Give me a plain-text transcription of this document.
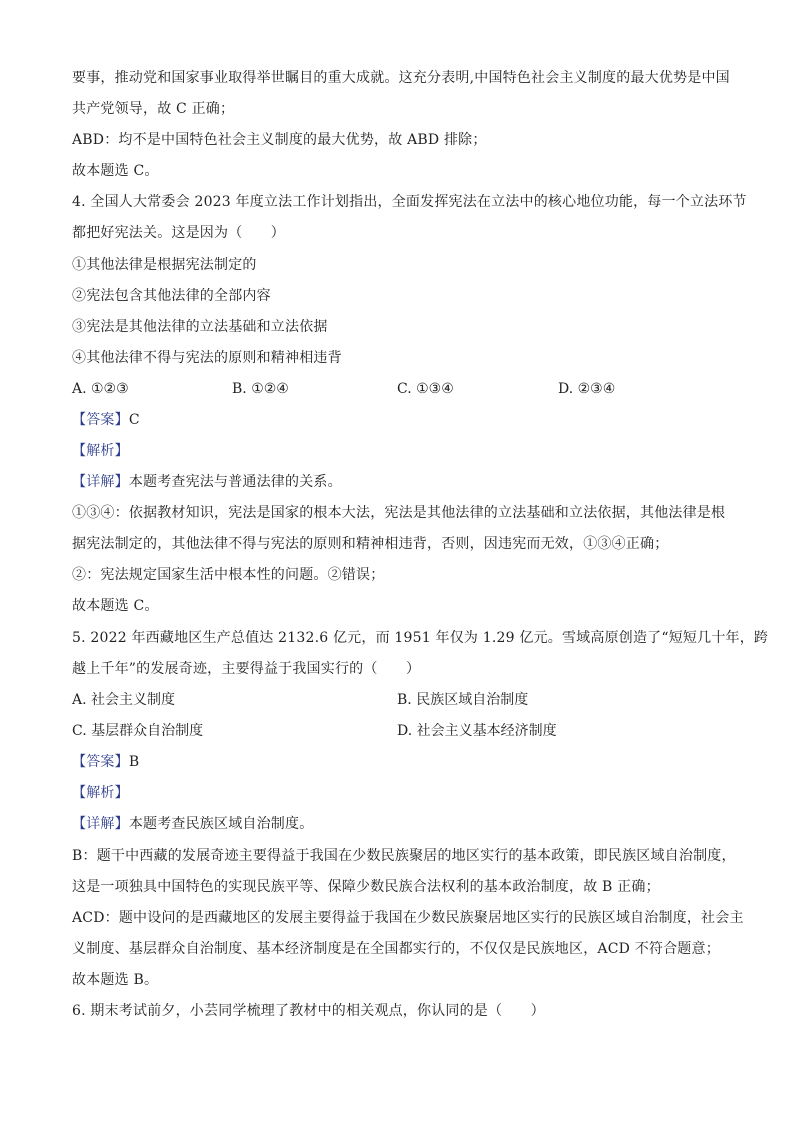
要事，推动党和国家事业取得举世瞩目的重大成就。这充分表明,中国特色社会主义制度的最大优势是中国
共产党领导，故 C 正确；
ABD：均不是中国特色社会主义制度的最大优势，故 ABD 排除；
故本题选 C。
4. 全国人大常委会 2023 年度立法工作计划指出，全面发挥宪法在立法中的核心地位功能，每一个立法环节
都把好宪法关。这是因为（　　）
①其他法律是根据宪法制定的
②宪法包含其他法律的全部内容
③宪法是其他法律的立法基础和立法依据
④其他法律不得与宪法的原则和精神相违背
A. ①②③	B. ①②④	C. ①③④	D. ②③④
【答案】C
【解析】
【详解】本题考查宪法与普通法律的关系。
①③④：依据教材知识，宪法是国家的根本大法，宪法是其他法律的立法基础和立法依据，其他法律是根
据宪法制定的，其他法律不得与宪法的原则和精神相违背，否则，因违宪而无效，①③④正确；
②：宪法规定国家生活中根本性的问题。②错误；
故本题选 C。
5. 2022 年西藏地区生产总值达 2132.6 亿元，而 1951 年仅为 1.29 亿元。雪域高原创造了“短短几十年，跨
越上千年”的发展奇迹，主要得益于我国实行的（　　）
A. 社会主义制度	B. 民族区域自治制度
C. 基层群众自治制度	D. 社会主义基本经济制度
【答案】B
【解析】
【详解】本题考查民族区域自治制度。
B：题干中西藏的发展奇迹主要得益于我国在少数民族聚居的地区实行的基本政策，即民族区域自治制度，
这是一项独具中国特色的实现民族平等、保障少数民族合法权利的基本政治制度，故 B 正确；
ACD：题中设问的是西藏地区的发展主要得益于我国在少数民族聚居地区实行的民族区域自治制度，社会主
义制度、基层群众自治制度、基本经济制度是在全国都实行的，不仅仅是民族地区，ACD 不符合题意；
故本题选 B。
6. 期末考试前夕，小芸同学梳理了教材中的相关观点，你认同的是（　　）
